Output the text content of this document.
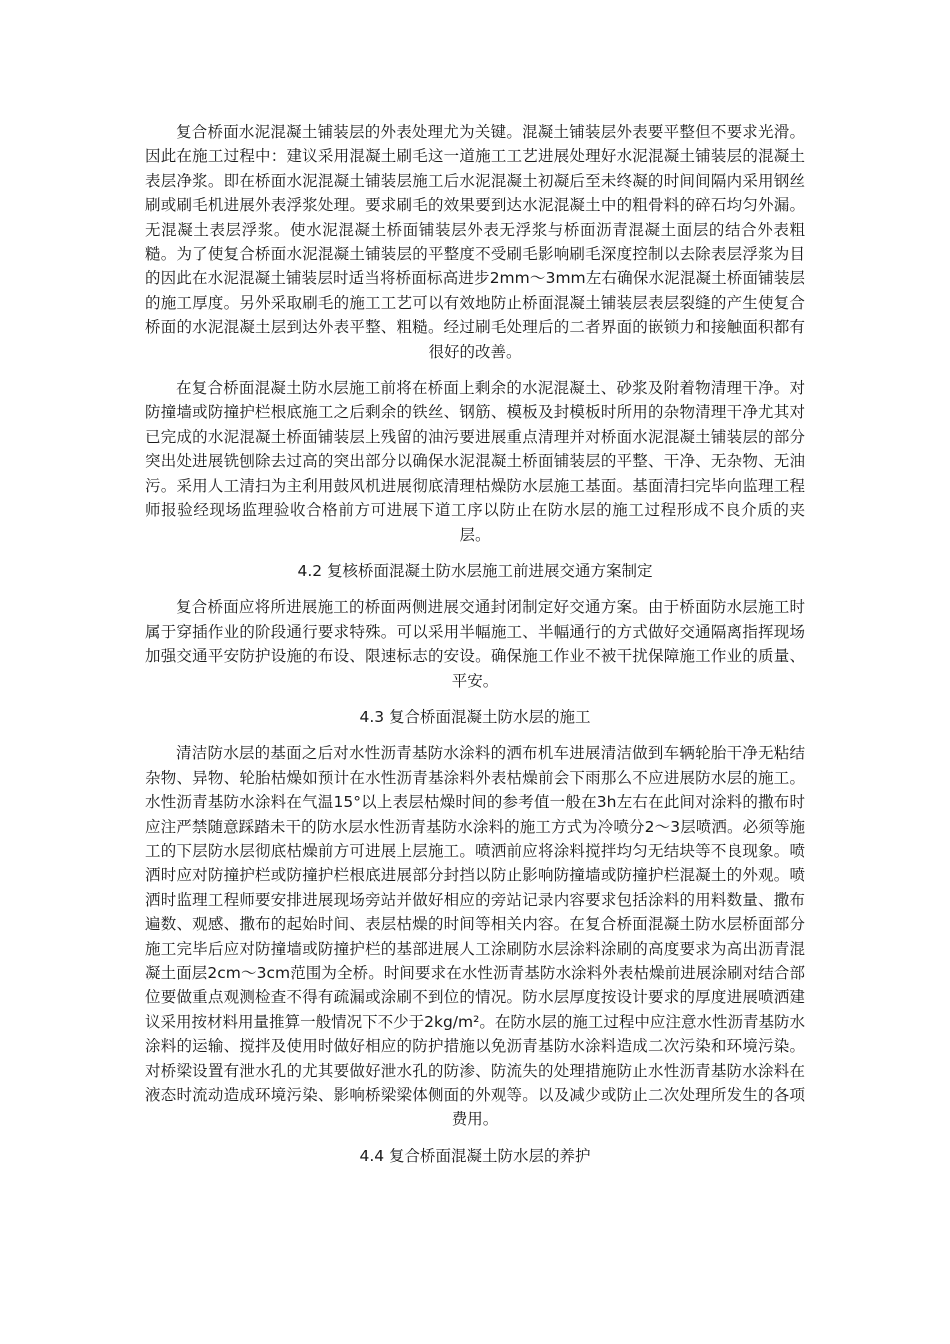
复合桥面水泥混凝土铺装层的外表处理尤为关键。混凝土铺装层外表要平整但不要求光滑。因此在施工过程中：建议采用混凝土刷毛这一道施工工艺进展处理好水泥混凝土铺装层的混凝土表层净浆。即在桥面水泥混凝土铺装层施工后水泥混凝土初凝后至未终凝的时间间隔内采用钢丝刷或刷毛机进展外表浮浆处理。要求刷毛的效果要到达水泥混凝土中的粗骨料的碎石均匀外漏。无混凝土表层浮浆。使水泥混凝土桥面铺装层外表无浮浆与桥面沥青混凝土面层的结合外表粗糙。为了使复合桥面水泥混凝土铺装层的平整度不受刷毛影响刷毛深度控制以去除表层浮浆为目的因此在水泥混凝土铺装层时适当将桥面标高进步2mm～3mm左右确保水泥混凝土桥面铺装层的施工厚度。另外采取刷毛的施工工艺可以有效地防止桥面混凝土铺装层表层裂缝的产生使复合桥面的水泥混凝土层到达外表平整、粗糙。经过刷毛处理后的二者界面的嵌锁力和接触面积都有很好的改善。

在复合桥面混凝土防水层施工前将在桥面上剩余的水泥混凝土、砂浆及附着物清理干净。对防撞墙或防撞护栏根底施工之后剩余的铁丝、钢筋、模板及封模板时所用的杂物清理干净尤其对已完成的水泥混凝土桥面铺装层上残留的油污要进展重点清理并对桥面水泥混凝土铺装层的部分突出处进展铣刨除去过高的突出部分以确保水泥混凝土桥面铺装层的平整、干净、无杂物、无油污。采用人工清扫为主利用鼓风机进展彻底清理枯燥防水层施工基面。基面清扫完毕向监理工程师报验经现场监理验收合格前方可进展下道工序以防止在防水层的施工过程形成不良介质的夹层。

4.2 复核桥面混凝土防水层施工前进展交通方案制定

复合桥面应将所进展施工的桥面两侧进展交通封闭制定好交通方案。由于桥面防水层施工时属于穿插作业的阶段通行要求特殊。可以采用半幅施工、半幅通行的方式做好交通隔离指挥现场加强交通平安防护设施的布设、限速标志的安设。确保施工作业不被干扰保障施工作业的质量、平安。

4.3 复合桥面混凝土防水层的施工

清洁防水层的基面之后对水性沥青基防水涂料的洒布机车进展清洁做到车辆轮胎干净无粘结杂物、异物、轮胎枯燥如预计在水性沥青基涂料外表枯燥前会下雨那么不应进展防水层的施工。水性沥青基防水涂料在气温15°以上表层枯燥时间的参考值一般在3h左右在此间对涂料的撒布时应注严禁随意踩踏未干的防水层水性沥青基防水涂料的施工方式为冷喷分2～3层喷洒。必须等施工的下层防水层彻底枯燥前方可进展上层施工。喷洒前应将涂料搅拌均匀无结块等不良现象。喷洒时应对防撞护栏或防撞护栏根底进展部分封挡以防止影响防撞墙或防撞护栏混凝土的外观。喷洒时监理工程师要安排进展现场旁站并做好相应的旁站记录内容要求包括涂料的用料数量、撒布遍数、观感、撒布的起始时间、表层枯燥的时间等相关内容。在复合桥面混凝土防水层桥面部分施工完毕后应对防撞墙或防撞护栏的基部进展人工涂刷防水层涂料涂刷的高度要求为高出沥青混凝土面层2cm～3cm范围为全桥。时间要求在水性沥青基防水涂料外表枯燥前进展涂刷对结合部位要做重点观测检查不得有疏漏或涂刷不到位的情况。防水层厚度按设计要求的厚度进展喷洒建议采用按材料用量推算一般情况下不少于2kg/m²。在防水层的施工过程中应注意水性沥青基防水涂料的运输、搅拌及使用时做好相应的防护措施以免沥青基防水涂料造成二次污染和环境污染。对桥梁设置有泄水孔的尤其要做好泄水孔的防渗、防流失的处理措施防止水性沥青基防水涂料在液态时流动造成环境污染、影响桥梁梁体侧面的外观等。以及减少或防止二次处理所发生的各项费用。

4.4 复合桥面混凝土防水层的养护
